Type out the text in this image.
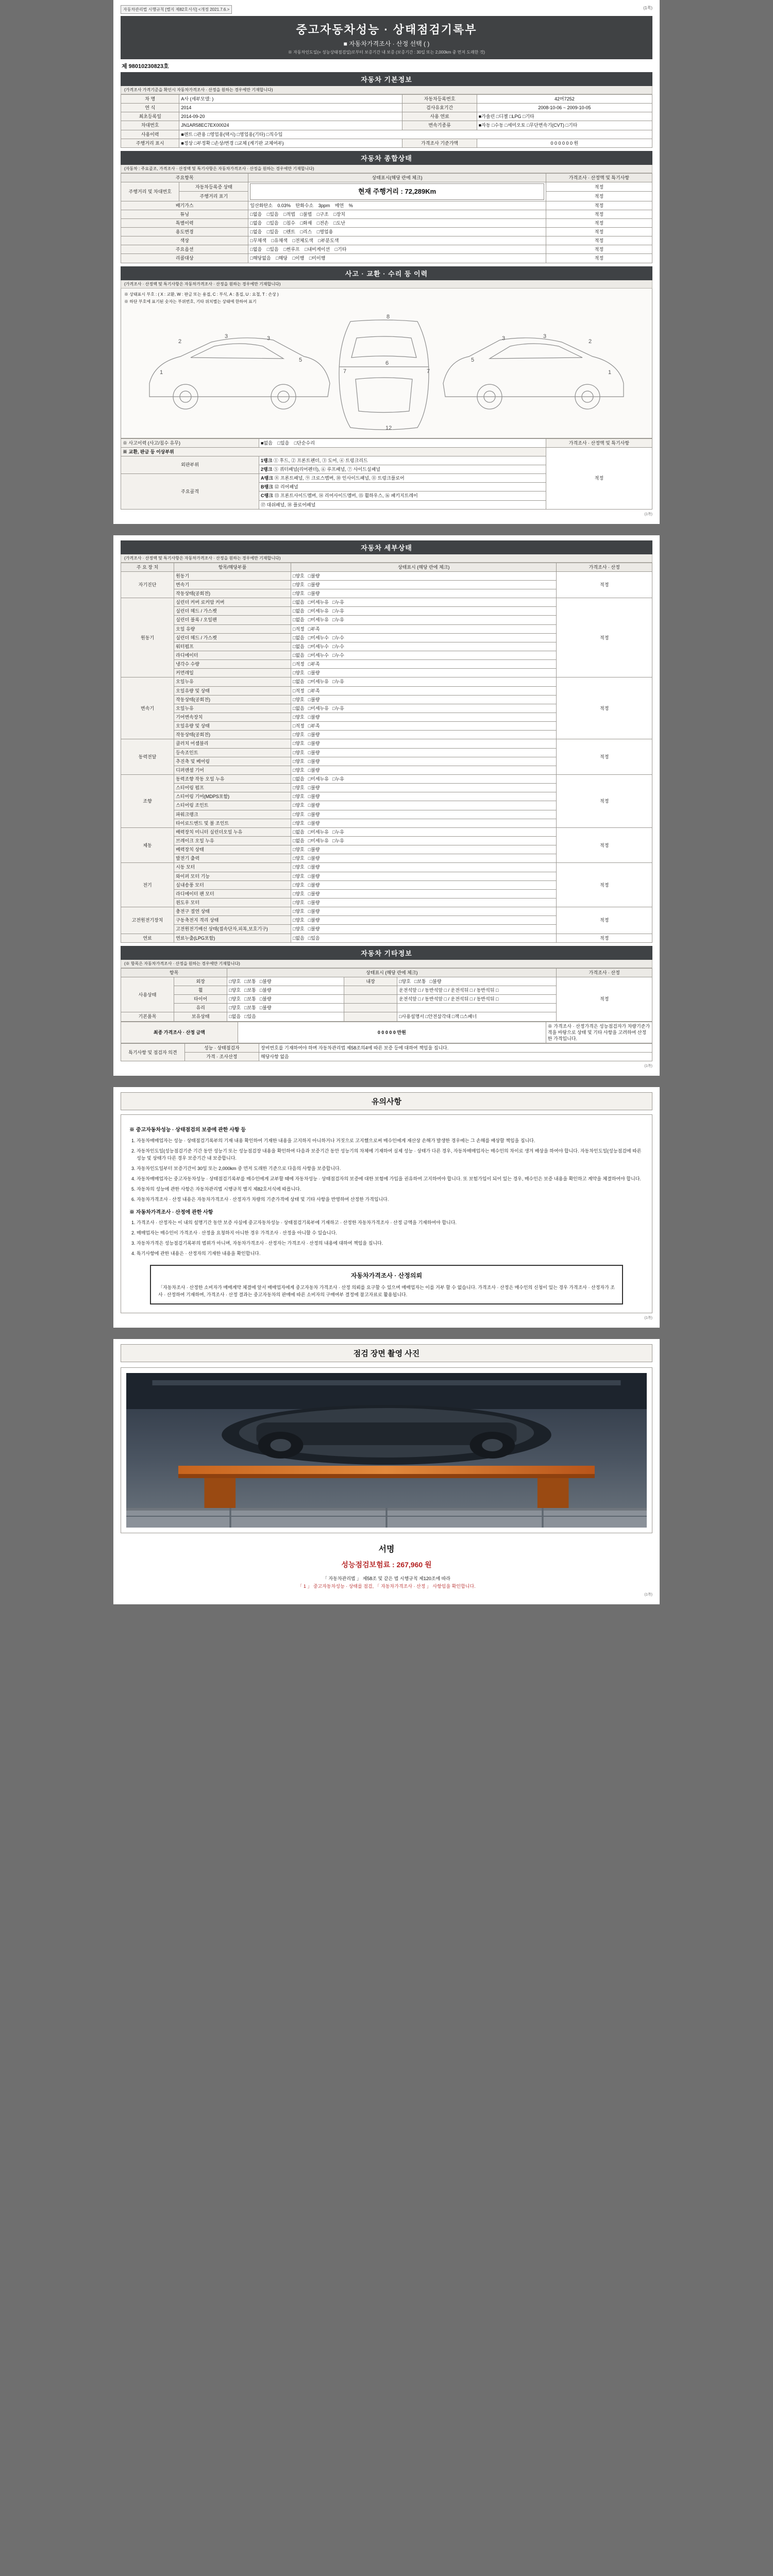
자동차관리법 시행규칙 [별지 제82호서식] <개정 2021.7.6.>	(1쪽)
중고자동차성능 · 상태점검기록부
■ 자동차가격조사 · 산정 선택 ( )
※ 자동차인도일(= 성능상태점검일)로부터 보증기간 내 보증 (보증기간 : 30일 또는 2,000km 중 먼저 도래한 것)
제 98010230823호
자동차 기본정보
(가격조사 가격기준을 확인시 자동차가격조사 · 산정을 원하는 경우에만 기재합니다)
차 명	A사 (세부모델: )	자동차등록번호	42머7252
연 식	2014	검사유효기간	2008-10-06 ~ 2009-10-05
최초등록일	2014-09-20	사용 연료	■가솔린 □디젤 □LPG □기타
차대번호	JN1AR58EC7EX00024	변속기종류	■자동 □수동 □세미오토 □무단변속기(CVT) □기타
사용이력	■렌트 □관용 □영업용(택시) □영업용(기타) □직수입		
주행거리 표시	■정상 □부정확 □손상/변경 □교체 (계기판 교체여부)	가격조사 기준가액	0 0 0 0 0 0 원
자동차 종합상태
(자동차 : 주요골조, 가격조사 · 산정액 및 특기사항은 자동차가격조사 · 산정을 원하는 경우에만 기재합니다)
주요항목		상태표시(해당 란에 체크)	가격조사 · 산정액 및 특기사항
주행거리 및 차대번호	자동차등록증 상태	현재 주행거리 : 72,289Km	적정
	주행거리 표기		적정
배기가스		일산화탄소 0.03% 탄화수소 3ppm 매연 %	적정
튜닝		□없음 □있음 □적법 □불법 □구조 □장치	적정
특별이력		□없음 □있음 □침수 □화재 □전손 □도난	적정
용도변경		□없음 □있음 □렌트 □리스 □영업용	적정
색상		□무채색 □유채색 □전체도색 □부분도색	적정
주요옵션		□없음 □있음 □썬루프 □내비게이션 □기타	적정
리콜대상		□해당없음 □해당 □이행 □미이행	적정
사고 · 교환 · 수리 등 이력
(가격조사 · 산정액 및 특기사항은 자동차가격조사 · 산정을 원하는 경우에만 기재합니다)
※ 상태표시 부호 : ( X : 교환, W : 판금 또는 용접, C : 부식, A : 흠집, U : 요철, T : 손상 )
※ 하단 부호에 표기된 숫자는 부위번호, 기타 위치별는 상태에 한하여 표기
2
3	3
5
1
8
6
12
7	7
2
3
3
5
1
※ 사고이력 (사고/침수 유무)	■없음 □있음 □단순수리	가격조사 · 산정액 및 특기사항
※ 교환, 판금 등 이상부위		적정
외판부위	1랭크 ① 후드, ② 프론트펜더, ③ 도어, ④ 트렁크리드	
	2랭크 ⑤ 쿼터패널(리어펜더), ⑥ 루프패널, ⑦ 사이드실패널	
주요골격	A랭크 ⑧ 프론트패널, ⑨ 크로스멤버, ⑩ 인사이드패널, ⑪ 트렁크플로어	
	B랭크 ⑫ 리어패널	
	C랭크 ⑬ 프론트사이드멤버, ⑭ 리어사이드멤버, ⑮ 휠하우스, ⑯ 패키지트레이	
	⑰ 대쉬패널, ⑱ 플로어패널	
(1쪽)
자동차 세부상태
(가격조사 · 산정액 및 특기사항은 자동차가격조사 · 산정을 원하는 경우에만 기재합니다)
주 요 장 치	항목/해당부품	상태표시 (해당 란에 체크)	가격조사 · 산정
자기진단	원동기	□양호 □불량	적정
	변속기	□양호 □불량	
	작동상태(공회전)	□양호 □불량	
원동기	실린더 커버 로커암 커버	□없음 □미세누유 □누유	적정
	실린더 헤드 / 가스켓	□없음 □미세누유 □누유	
	실린더 블록 / 오일팬	□없음 □미세누유 □누유	
	오일 유량	□적정 □부족	
	실린더 헤드 / 가스켓	□없음 □미세누수 □누수	
	워터펌프	□없음 □미세누수 □누수	
	라디에이터	□없음 □미세누수 □누수	
	냉각수 수량	□적정 □부족	
	커먼레일	□양호 □불량	
변속기	오일누유	□없음 □미세누유 □누유	적정
	오일유량 및 상태	□적정 □부족	
	작동상태(공회전)	□양호 □불량	
	오일누유	□없음 □미세누유 □누유	
	기어변속장치	□양호 □불량	
	오일유량 및 상태	□적정 □부족	
	작동상태(공회전)	□양호 □불량	
동력전달	클러치 어셈블리	□양호 □불량	적정
	등속조인트	□양호 □불량	
	추진축 및 베어링	□양호 □불량	
	디퍼렌셜 기어	□양호 □불량	
조향	동력조향 작동 오일 누유	□없음 □미세누유 □누유	적정
	스티어링 펌프	□양호 □불량	
	스티어링 기어(MDPS포함)	□양호 □불량	
	스티어링 조인트	□양호 □불량	
	파워크랭크	□양호 □불량	
	타이로드엔드 및 볼 조인트	□양호 □불량	
제동	배력장치 미니터 실린더오일 누유	□없음 □미세누유 □누유	적정
	브레이크 오일 누유	□없음 □미세누유 □누유	
	베력장치 상태	□양호 □불량	
	발전기 출력	□양호 □불량	
전기	시동 모터	□양호 □불량	적정
	와이퍼 모터 기능	□양호 □불량	
	실내송풍 모터	□양호 □불량	
	라디에이터 팬 모터	□양호 □불량	
	윈도우 모터	□양호 □불량	
고전원전기장치	충전구 절연 상태	□양호 □불량	적정
	구동축전지 격리 상태	□양호 □불량	
	고전원전기배선 상태(접속단자,피복,보호기구)	□양호 □불량	
연료	연료누출(LPG포함)	□없음 □있음	적정
자동차 기타정보
(※ 항목은 자동차가격조사 · 산정을 원하는 경우에만 기재합니다)
항목		상태표시 (해당 란에 체크)			가격조사 · 산정
사용상태	외장	□양호 □보통 □불량	내장	□양호 □보통 □불량	적정
	휠	□양호 □보통 □불량		운전석앞 □ / 동반석앞 □ / 운전석뒤 □ / 동반석뒤 □	
	타이어	□양호 □보통 □불량		운전석앞 □ / 동반석앞 □ / 운전석뒤 □ / 동반석뒤 □	
	유리	□양호 □보통 □불량			
기본품목	보유상태	□없음 □있음		□사용설명서 □안전삼각대 □잭 □스패너	
최종 가격조사 · 산정 금액	0 0 0 0 0 만원	※ 가격조사 · 산정가격은 성능점검자가 차량기준가격을 바탕으로 상태 및 기타 사항을 고려하여 산정한 가격입니다.
특기사항 및 점검자 의견	성능 · 상태점검자	장비번호를 기재하여야 하며 자동차관리법 제58조의4에 따른 보증 등에 대하여 책임을 집니다.
	가격 · 조사산정	해당사항 없음
(1쪽)
유의사항
※ 중고자동차성능 · 상태점검의 보증에 관한 사항 등
1. 자동차매매업자는 성능 · 상태점검기록부의 기재 내용 확인하여 기재한 내용을 고지하지 아니하거나 거짓으로 고지했으로써 매수인에게 재산상 손해가 발생한 경우에는 그 손해를 배상할 책임을 집니다.
2. 자동차인도일(성능점검기준 기간 동안 성능기 또는 성능점검장 내용을 확인하여 다음과 보증기간 동안 성능기의 차체에 기재하여 실제 성능 · 상태가 다른 경우, 자동차매매업자는 매수인의 차이로 생겨 배상을 하여야 합니다. 자동차인도일(성능점검에 따른 성능 및 상태가 다른 경우 보증기간 내 보증합니다.
3. 자동차인도일부터 보증기간이 30일 또는 2,000km 중 먼저 도래한 기준으로 다음의 사항을 보증합니다.
4. 자동차매매업자는 중고자동차성능 · 상태점검기록부를 매수인에게 교부할 때에 자동차성능 · 상태점검자의 보증에 대한 보험에 가입을 권유하여 고지하여야 합니다. 또 보험가입이 되어 있는 경우, 매수인은 보증 내용을 확인하고 계약을 체결하여야 합니다.
5. 자동차의 성능에 관한 사항은 자동차관리법 시행규칙 별지 제82호서식에 따릅니다.
6. 자동차가격조사 · 산정 내용은 자동차가격조사 · 산정자가 차량의 기준가격에 상태 및 기타 사항을 반영하여 산정한 가격입니다.
※ 자동차가격조사 · 산정에 관한 사항
1. 가격조사 · 산정자는 이 내의 설명기간 동안 보증 사실에 중고자동차성능 · 상태점검기록부에 기재하고 · 산정한 자동차가격조사 · 산정 금액을 기재하여야 합니다.
2. 매매업자는 매수인이 가격조사 · 산정을 요청하지 아니한 경우 가격조사 · 산정을 아니할 수 있습니다.
3. 자동차가격은 성능점검기록부의 범위가 아니며, 자동차가격조사 · 산정자는 가격조사 · 산정의 내용에 대하여 책임을 집니다.
4. 특기사항에 관한 내용은 · 산정자의 기재한 내용을 확인합니다.
자동차가격조사 · 산정의뢰
「자동차조사 · 산정한 소비자가 매매계약 체결에 앞서 매매업자에게 중고자동차 가격조사 · 산정 의뢰를 요구할 수 있으며 매매업자는 이를 거부 할 수 없습니다. 가격조사 · 산정은 매수인의 신청이 있는 경우 가격조사 · 산정자가 조사 · 산정하여 기재하며, 가격조사 · 산정 결과는 중고자동차의 판매에 따른 소비자의 구매여부 결정에 참고자료로 활용됩니다.
(1쪽)
점검 장면 촬영 사진
서명
성능점검보험료 : 267,960 원
「 자동차관리법 」 제58조 및 같은 법 시행규칙 제120조에 따라
「 1 」 중고자동차성능 · 상태를 점검, 「 자동차가격조사 · 산정 」 사항임을 확인합니다.
(1쪽)
